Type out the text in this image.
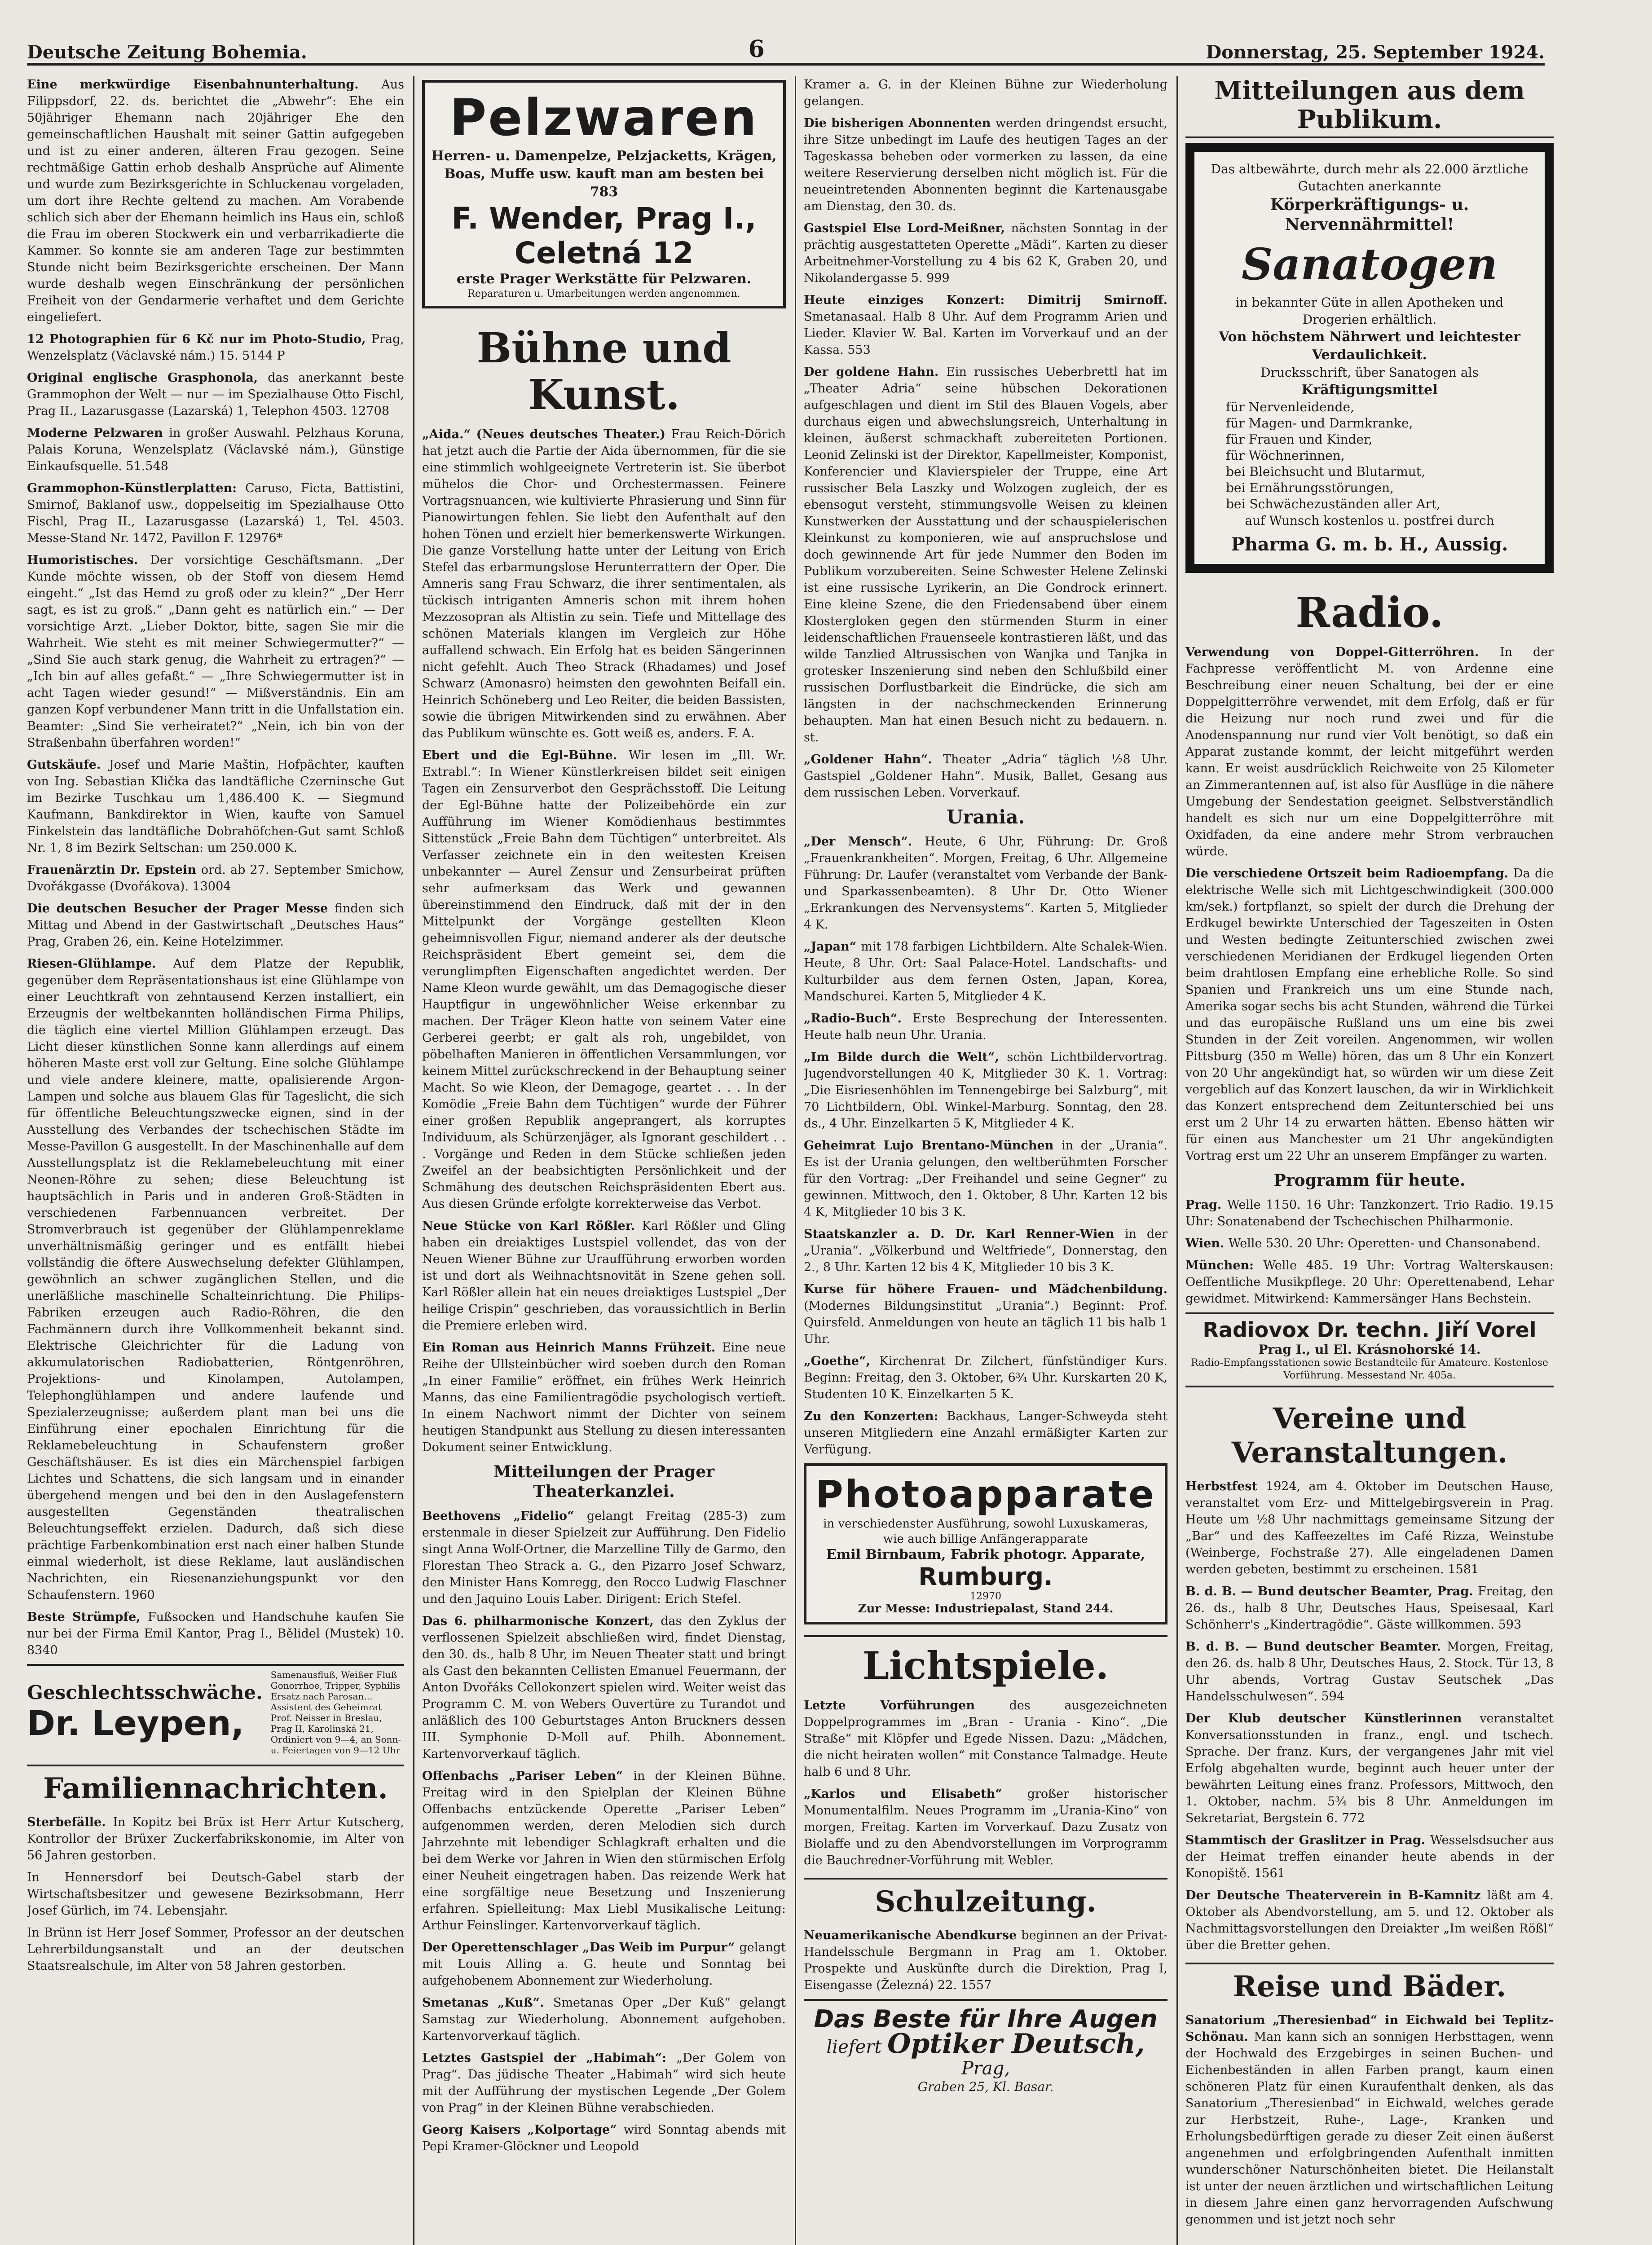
Deutsche Zeitung Bohemia.	6	Donnerstag, 25. September 1924.

Eine merkwürdige Eisenbahnunterhaltung. Aus Filippsdorf, 22. ds. berichtet die „Abwehr“: Ehe ein 50jähriger Ehemann nach 20jähriger Ehe den gemeinschaftlichen Haushalt mit seiner Gattin aufgegeben und ist zu einer anderen, älteren Frau gezogen. Seine rechtmäßige Gattin erhob deshalb Ansprüche auf Alimente und wurde zum Bezirksgerichte in Schluckenau vorgeladen, um dort ihre Rechte geltend zu machen. Am Vorabende schlich sich aber der Ehemann heimlich ins Haus ein, schloß die Frau im oberen Stockwerk ein und verbarrikadierte die Kammer. So konnte sie am anderen Tage zur bestimmten Stunde nicht beim Bezirksgerichte erscheinen. Der Mann wurde deshalb wegen Einschränkung der persönlichen Freiheit von der Gendarmerie verhaftet und dem Gerichte eingeliefert.

12 Photographien für 6 Kč nur im Photo-Studio, Prag, Wenzelsplatz (Václavské nám.) 15. 5144 P

Original englische Grasphonola, das anerkannt beste Grammophon der Welt — nur — im Spezialhause Otto Fischl, Prag II., Lazarusgasse (Lazarská) 1, Telephon 4503. 12708

Moderne Pelzwaren in großer Auswahl. Pelzhaus Koruna, Palais Koruna, Wenzelsplatz (Václavské nám.), Günstige Einkaufsquelle. 51.548

Grammophon-Künstlerplatten: Caruso, Ficta, Battistini, Smirnof, Baklanof usw., doppelseitig im Spezialhause Otto Fischl, Prag II., Lazarusgasse (Lazarská) 1, Tel. 4503. Messe-Stand Nr. 1472, Pavillon F. 12976*

Humoristisches. Der vorsichtige Geschäftsmann. „Der Kunde möchte wissen, ob der Stoff von diesem Hemd eingeht.“ „Ist das Hemd zu groß oder zu klein?“ „Der Herr sagt, es ist zu groß.“ „Dann geht es natürlich ein.“ — Der vorsichtige Arzt. „Lieber Doktor, bitte, sagen Sie mir die Wahrheit. Wie steht es mit meiner Schwiegermutter?“ — „Sind Sie auch stark genug, die Wahrheit zu ertragen?“ — „Ich bin auf alles gefaßt.“ — „Ihre Schwiegermutter ist in acht Tagen wieder gesund!“ — Mißverständnis. Ein am ganzen Kopf verbundener Mann tritt in die Unfallstation ein. Beamter: „Sind Sie verheiratet?“ „Nein, ich bin von der Straßenbahn überfahren worden!“

Gutskäufe. Josef und Marie Maštin, Hofpächter, kauften von Ing. Sebastian Klička das landtäfliche Czerninsche Gut im Bezirke Tuschkau um 1,486.400 K. — Siegmund Kaufmann, Bankdirektor in Wien, kaufte von Samuel Finkelstein das landtäfliche Dobrahöfchen-Gut samt Schloß Nr. 1, 8 im Bezirk Seltschan: um 250.000 K.

Frauenärztin Dr. Epstein ord. ab 27. September Smichow, Dvořákgasse (Dvořákova). 13004

Die deutschen Besucher der Prager Messe finden sich Mittag und Abend in der Gastwirtschaft „Deutsches Haus“ Prag, Graben 26, ein. Keine Hotelzimmer.

Riesen-Glühlampe. Auf dem Platze der Republik, gegenüber dem Repräsentationshaus ist eine Glühlampe von einer Leuchtkraft von zehntausend Kerzen installiert, ein Erzeugnis der weltbekannten holländischen Firma Philips, die täglich eine viertel Million Glühlampen erzeugt. Das Licht dieser künstlichen Sonne kann allerdings auf einem höheren Maste erst voll zur Geltung. Eine solche Glühlampe und viele andere kleinere, matte, opalisierende Argon-Lampen und solche aus blauem Glas für Tageslicht, die sich für öffentliche Beleuchtungszwecke eignen, sind in der Ausstellung des Verbandes der tschechischen Städte im Messe-Pavillon G ausgestellt. In der Maschinenhalle auf dem Ausstellungsplatz ist die Reklamebeleuchtung mit einer Neonen-Röhre zu sehen; diese Beleuchtung ist hauptsächlich in Paris und in anderen Groß-Städten in verschiedenen Farbennuancen verbreitet. Der Stromverbrauch ist gegenüber der Glühlampenreklame unverhältnismäßig geringer und es entfällt hiebei vollständig die öftere Auswechselung defekter Glühlampen, gewöhnlich an schwer zugänglichen Stellen, und die unerläßliche maschinelle Schalteinrichtung. Die Philips-Fabriken erzeugen auch Radio-Röhren, die den Fachmännern durch ihre Vollkommenheit bekannt sind. Elektrische Gleichrichter für die Ladung von akkumulatorischen Radiobatterien, Röntgenröhren, Projektions- und Kinolampen, Autolampen, Telephonglühlampen und andere laufende und Spezialerzeugnisse; außerdem plant man bei uns die Einführung einer epochalen Einrichtung für die Reklamebeleuchtung in Schaufenstern großer Geschäftshäuser. Es ist dies ein Märchenspiel farbigen Lichtes und Schattens, die sich langsam und in einander übergehend mengen und bei den in den Auslagefenstern ausgestellten Gegenständen theatralischen Beleuchtungseffekt erzielen. Dadurch, daß sich diese prächtige Farbenkombination erst nach einer halben Stunde einmal wiederholt, ist diese Reklame, laut ausländischen Nachrichten, ein Riesenanziehungspunkt vor den Schaufenstern. 1960

Beste Strümpfe, Fußsocken und Handschuhe kaufen Sie nur bei der Firma Emil Kantor, Prag I., Bělidel (Mustek) 10. 8340

Geschlechtsschwäche.
Dr. Leypen,
Samenausfluß, Weißer Fluß Gonorrhoe, Tripper, Syphilis Ersatz nach Parosan... Assistent des Geheimrat Prof. Neisser in Breslau, Prag II, Karolinská 21, Ordiniert von 9—4, an Sonn- u. Feiertagen von 9—12 Uhr
Familiennachrichten.

Sterbefälle. In Kopitz bei Brüx ist Herr Artur Kutscherg, Kontrollor der Brüxer Zuckerfabrikskonomie, im Alter von 56 Jahren gestorben.

In Hennersdorf bei Deutsch-Gabel starb der Wirtschaftsbesitzer und gewesene Bezirksobmann, Herr Josef Gürlich, im 74. Lebensjahr.

In Brünn ist Herr Josef Sommer, Professor an der deutschen Lehrerbildungsanstalt und an der deutschen Staatsrealschule, im Alter von 58 Jahren gestorben.

Pelzwaren
Herren- u. Damenpelze, Pelzjacketts, Krägen, Boas, Muffe usw. kauft man am besten bei 783
F. Wender, Prag I., Celetná 12
erste Prager Werkstätte für Pelzwaren.
Reparaturen u. Umarbeitungen werden angenommen.
Bühne und Kunst.

„Aida.“ (Neues deutsches Theater.) Frau Reich-Dörich hat jetzt auch die Partie der Aida übernommen, für die sie eine stimmlich wohlgeeignete Vertreterin ist. Sie überbot mühelos die Chor- und Orchestermassen. Feinere Vortragsnuancen, wie kultivierte Phrasierung und Sinn für Pianowirtungen fehlen. Sie liebt den Aufenthalt auf den hohen Tönen und erzielt hier bemerkenswerte Wirkungen. Die ganze Vorstellung hatte unter der Leitung von Erich Stefel das erbarmungslose Herunterrattern der Oper. Die Amneris sang Frau Schwarz, die ihrer sentimentalen, als tückisch intriganten Amneris schon mit ihrem hohen Mezzosopran als Altistin zu sein. Tiefe und Mittellage des schönen Materials klangen im Vergleich zur Höhe auffallend schwach. Ein Erfolg hat es beiden Sängerinnen nicht gefehlt. Auch Theo Strack (Rhadames) und Josef Schwarz (Amonasro) heimsten den gewohnten Beifall ein. Heinrich Schöneberg und Leo Reiter, die beiden Bassisten, sowie die übrigen Mitwirkenden sind zu erwähnen. Aber das Publikum wünschte es. Gott weiß es, anders. F. A.

Ebert und die Egl-Bühne. Wir lesen im „Ill. Wr. Extrabl.“: In Wiener Künstlerkreisen bildet seit einigen Tagen ein Zensurverbot den Gesprächsstoff. Die Leitung der Egl-Bühne hatte der Polizeibehörde ein zur Aufführung im Wiener Komödienhaus bestimmtes Sittenstück „Freie Bahn dem Tüchtigen“ unterbreitet. Als Verfasser zeichnete ein in den weitesten Kreisen unbekannter — Aurel Zensur und Zensurbeirat prüften sehr aufmerksam das Werk und gewannen übereinstimmend den Eindruck, daß mit der in den Mittelpunkt der Vorgänge gestellten Kleon geheimnisvollen Figur, niemand anderer als der deutsche Reichspräsident Ebert gemeint sei, dem die verunglimpften Eigenschaften angedichtet werden. Der Name Kleon wurde gewählt, um das Demagogische dieser Hauptfigur in ungewöhnlicher Weise erkennbar zu machen. Der Träger Kleon hatte von seinem Vater eine Gerberei geerbt; er galt als roh, ungebildet, von pöbelhaften Manieren in öffentlichen Versammlungen, vor keinem Mittel zurückschreckend in der Behauptung seiner Macht. So wie Kleon, der Demagoge, geartet . . . In der Komödie „Freie Bahn dem Tüchtigen“ wurde der Führer einer großen Republik angeprangert, als korruptes Individuum, als Schürzenjäger, als Ignorant geschildert . . . Vorgänge und Reden in dem Stücke schließen jeden Zweifel an der beabsichtigten Persönlichkeit und der Schmähung des deutschen Reichspräsidenten Ebert aus. Aus diesen Gründe erfolgte korrekterweise das Verbot.

Neue Stücke von Karl Rößler. Karl Rößler und Gling haben ein dreiaktiges Lustspiel vollendet, das von der Neuen Wiener Bühne zur Uraufführung erworben worden ist und dort als Weihnachtsnovität in Szene gehen soll. Karl Rößler allein hat ein neues dreiaktiges Lustspiel „Der heilige Crispin“ geschrieben, das voraussichtlich in Berlin die Premiere erleben wird.

Ein Roman aus Heinrich Manns Frühzeit. Eine neue Reihe der Ullsteinbücher wird soeben durch den Roman „In einer Familie“ eröffnet, ein frühes Werk Heinrich Manns, das eine Familientragödie psychologisch vertieft. In einem Nachwort nimmt der Dichter von seinem heutigen Standpunkt aus Stellung zu diesen interessanten Dokument seiner Entwicklung.

Mitteilungen der Prager Theaterkanzlei.

Beethovens „Fidelio“ gelangt Freitag (285-3) zum erstenmale in dieser Spielzeit zur Aufführung. Den Fidelio singt Anna Wolf-Ortner, die Marzelline Tilly de Garmo, den Florestan Theo Strack a. G., den Pizarro Josef Schwarz, den Minister Hans Komregg, den Rocco Ludwig Flaschner und den Jaquino Louis Laber. Dirigent: Erich Stefel.

Das 6. philharmonische Konzert, das den Zyklus der verflossenen Spielzeit abschließen wird, findet Dienstag, den 30. ds., halb 8 Uhr, im Neuen Theater statt und bringt als Gast den bekannten Cellisten Emanuel Feuermann, der Anton Dvořáks Cellokonzert spielen wird. Weiter weist das Programm C. M. von Webers Ouvertüre zu Turandot und anläßlich des 100 Geburtstages Anton Bruckners dessen III. Symphonie D-Moll auf. Philh. Abonnement. Kartenvorverkauf täglich.

Offenbachs „Pariser Leben“ in der Kleinen Bühne. Freitag wird in den Spielplan der Kleinen Bühne Offenbachs entzückende Operette „Pariser Leben“ aufgenommen werden, deren Melodien sich durch Jahrzehnte mit lebendiger Schlagkraft erhalten und die bei dem Werke vor Jahren in Wien den stürmischen Erfolg einer Neuheit eingetragen haben. Das reizende Werk hat eine sorgfältige neue Besetzung und Inszenierung erfahren. Spielleitung: Max Liebl Musikalische Leitung: Arthur Feinslinger. Kartenvorverkauf täglich.

Der Operettenschlager „Das Weib im Purpur“ gelangt mit Louis Alling a. G. heute und Sonntag bei aufgehobenem Abonnement zur Wiederholung.

Smetanas „Kuß“. Smetanas Oper „Der Kuß“ gelangt Samstag zur Wiederholung. Abonnement aufgehoben. Kartenvorverkauf täglich.

Letztes Gastspiel der „Habimah“: „Der Golem von Prag“. Das jüdische Theater „Habimah“ wird sich heute mit der Aufführung der mystischen Legende „Der Golem von Prag“ in der Kleinen Bühne verabschieden.

Georg Kaisers „Kolportage“ wird Sonntag abends mit Pepi Kramer-Glöckner und Leopold

Kramer a. G. in der Kleinen Bühne zur Wiederholung gelangen.

Die bisherigen Abonnenten werden dringendst ersucht, ihre Sitze unbedingt im Laufe des heutigen Tages an der Tageskassa beheben oder vormerken zu lassen, da eine weitere Reservierung derselben nicht möglich ist. Für die neueintretenden Abonnenten beginnt die Kartenausgabe am Dienstag, den 30. ds.

Gastspiel Else Lord-Meißner, nächsten Sonntag in der prächtig ausgestatteten Operette „Mädi“. Karten zu dieser Arbeitnehmer-Vorstellung zu 4 bis 62 K, Graben 20, und Nikolandergasse 5. 999

Heute einziges Konzert: Dimitrij Smirnoff. Smetanasaal. Halb 8 Uhr. Auf dem Programm Arien und Lieder. Klavier W. Bal. Karten im Vorverkauf und an der Kassa. 553

Der goldene Hahn. Ein russisches Ueberbrettl hat im „Theater Adria“ seine hübschen Dekorationen aufgeschlagen und dient im Stil des Blauen Vogels, aber durchaus eigen und abwechslungsreich, Unterhaltung in kleinen, äußerst schmackhaft zubereiteten Portionen. Leonid Zelinski ist der Direktor, Kapellmeister, Komponist, Konferencier und Klavierspieler der Truppe, eine Art russischer Bela Laszky und Wolzogen zugleich, der es ebensogut versteht, stimmungsvolle Weisen zu kleinen Kunstwerken der Ausstattung und der schauspielerischen Kleinkunst zu komponieren, wie auf anspruchslose und doch gewinnende Art für jede Nummer den Boden im Publikum vorzubereiten. Seine Schwester Helene Zelinski ist eine russische Lyrikerin, an Die Gondrock erinnert. Eine kleine Szene, die den Friedensabend über einem Klostergloken gegen den stürmenden Sturm in einer leidenschaftlichen Frauenseele kontrastieren läßt, und das wilde Tanzlied Altrussischen von Wanjka und Tanjka in grotesker Inszenierung sind neben den Schlußbild einer russischen Dorflustbarkeit die Eindrücke, die sich am längsten in der nachschmeckenden Erinnerung behaupten. Man hat einen Besuch nicht zu bedauern. n. st.

„Goldener Hahn“. Theater „Adria“ täglich ½8 Uhr. Gastspiel „Goldener Hahn“. Musik, Ballet, Gesang aus dem russischen Leben. Vorverkauf.

Urania.

„Der Mensch“. Heute, 6 Uhr, Führung: Dr. Groß „Frauenkrankheiten“. Morgen, Freitag, 6 Uhr. Allgemeine Führung: Dr. Laufer (veranstaltet vom Verbande der Bank- und Sparkassenbeamten). 8 Uhr Dr. Otto Wiener „Erkrankungen des Nervensystems“. Karten 5, Mitglieder 4 K.

„Japan“ mit 178 farbigen Lichtbildern. Alte Schalek-Wien. Heute, 8 Uhr. Ort: Saal Palace-Hotel. Landschafts- und Kulturbilder aus dem fernen Osten, Japan, Korea, Mandschurei. Karten 5, Mitglieder 4 K.

„Radio-Buch“. Erste Besprechung der Interessenten. Heute halb neun Uhr. Urania.

„Im Bilde durch die Welt“, schön Lichtbildervortrag. Jugendvorstellungen 40 K, Mitglieder 30 K. 1. Vortrag: „Die Eisriesenhöhlen im Tennengebirge bei Salzburg“, mit 70 Lichtbildern, Obl. Winkel-Marburg. Sonntag, den 28. ds., 4 Uhr. Einzelkarten 5 K, Mitglieder 4 K.

Geheimrat Lujo Brentano-München in der „Urania“. Es ist der Urania gelungen, den weltberühmten Forscher für den Vortrag: „Der Freihandel und seine Gegner“ zu gewinnen. Mittwoch, den 1. Oktober, 8 Uhr. Karten 12 bis 4 K, Mitglieder 10 bis 3 K.

Staatskanzler a. D. Dr. Karl Renner-Wien in der „Urania“. „Völkerbund und Weltfriede“, Donnerstag, den 2., 8 Uhr. Karten 12 bis 4 K, Mitglieder 10 bis 3 K.

Kurse für höhere Frauen- und Mädchenbildung. (Modernes Bildungsinstitut „Urania“.) Beginnt: Prof. Quirsfeld. Anmeldungen von heute an täglich 11 bis halb 1 Uhr.

„Goethe“, Kirchenrat Dr. Zilchert, fünfstündiger Kurs. Beginn: Freitag, den 3. Oktober, 6¾ Uhr. Kurskarten 20 K, Studenten 10 K. Einzelkarten 5 K.

Zu den Konzerten: Backhaus, Langer-Schweyda steht unseren Mitgliedern eine Anzahl ermäßigter Karten zur Verfügung.

Photoapparate
in verschiedenster Ausführung, sowohl Luxuskameras, wie auch billige Anfängerapparate
Emil Birnbaum, Fabrik photogr. Apparate,
Rumburg.
12970
Zur Messe: Industriepalast, Stand 244.
Lichtspiele.

Letzte Vorführungen des ausgezeichneten Doppelprogrammes im „Bran - Urania - Kino“. „Die Straße“ mit Klöpfer und Egede Nissen. Dazu: „Mädchen, die nicht heiraten wollen“ mit Constance Talmadge. Heute halb 6 und 8 Uhr.

„Karlos und Elisabeth“ großer historischer Monumentalfilm. Neues Programm im „Urania-Kino“ von morgen, Freitag. Karten im Vorverkauf. Dazu Zusatz von Biolaffe und zu den Abendvorstellungen im Vorprogramm die Bauchredner-Vorführung mit Webler.

Schulzeitung.

Neuamerikanische Abendkurse beginnen an der Privat-Handelsschule Bergmann in Prag am 1. Oktober. Prospekte und Auskünfte durch die Direktion, Prag I, Eisengasse (Železná) 22. 1557

Das Beste für Ihre Augen
liefert Optiker Deutsch, Prag,
Graben 25, Kl. Basar.
Mitteilungen aus dem Publikum.
Das altbewährte, durch mehr als 22.000 ärztliche Gutachten anerkannte
Körperkräftigungs- u. Nervennährmittel!
Sanatogen
in bekannter Güte in allen Apotheken und Drogerien erhältlich.
Von höchstem Nährwert und leichtester Verdaulichkeit.
Drucksschrift, über Sanatogen als
Kräftigungsmittel
für Nervenleidende,
für Magen- und Darmkranke,
für Frauen und Kinder,
für Wöchnerinnen,
bei Bleichsucht und Blutarmut,
bei Ernährungsstörungen,
bei Schwächezuständen aller Art,
auf Wunsch kostenlos u. postfrei durch
Pharma G. m. b. H., Aussig.
Radio.

Verwendung von Doppel-Gitterröhren. In der Fachpresse veröffentlicht M. von Ardenne eine Beschreibung einer neuen Schaltung, bei der er eine Doppelgitterröhre verwendet, mit dem Erfolg, daß er für die Heizung nur noch rund zwei und für die Anodenspannung nur rund vier Volt benötigt, so daß ein Apparat zustande kommt, der leicht mitgeführt werden kann. Er weist ausdrücklich Reichweite von 25 Kilometer an Zimmerantennen auf, ist also für Ausflüge in die nähere Umgebung der Sendestation geeignet. Selbstverständlich handelt es sich nur um eine Doppelgitterröhre mit Oxidfaden, da eine andere mehr Strom verbrauchen würde.

Die verschiedene Ortszeit beim Radioempfang. Da die elektrische Welle sich mit Lichtgeschwindigkeit (300.000 km/sek.) fortpflanzt, so spielt der durch die Drehung der Erdkugel bewirkte Unterschied der Tageszeiten in Osten und Westen bedingte Zeitunterschied zwischen zwei verschiedenen Meridianen der Erdkugel liegenden Orten beim drahtlosen Empfang eine erhebliche Rolle. So sind Spanien und Frankreich uns um eine Stunde nach, Amerika sogar sechs bis acht Stunden, während die Türkei und das europäische Rußland uns um eine bis zwei Stunden in der Zeit voreilen. Angenommen, wir wollen Pittsburg (350 m Welle) hören, das um 8 Uhr ein Konzert von 20 Uhr angekündigt hat, so würden wir um diese Zeit vergeblich auf das Konzert lauschen, da wir in Wirklichkeit das Konzert entsprechend dem Zeitunterschied bei uns erst um 2 Uhr 14 zu erwarten hätten. Ebenso hätten wir für einen aus Manchester um 21 Uhr angekündigten Vortrag erst um 22 Uhr an unserem Empfänger zu warten.

Programm für heute.

Prag. Welle 1150. 16 Uhr: Tanzkonzert. Trio Radio. 19.15 Uhr: Sonatenabend der Tschechischen Philharmonie.

Wien. Welle 530. 20 Uhr: Operetten- und Chansonabend.

München: Welle 485. 19 Uhr: Vortrag Walterskausen: Oeffentliche Musikpflege. 20 Uhr: Operettenabend, Lehar gewidmet. Mitwirkend: Kammersänger Hans Bechstein.

Radiovox Dr. techn. Jiří Vorel
Prag I., ul El. Krásnohorské 14.
Radio-Empfangsstationen sowie Bestandteile für Amateure. Kostenlose Vorführung. Messestand Nr. 405a.
Vereine und Veranstaltungen.

Herbstfest 1924, am 4. Oktober im Deutschen Hause, veranstaltet vom Erz- und Mittelgebirgsverein in Prag. Heute um ½8 Uhr nachmittags gemeinsame Sitzung der „Bar“ und des Kaffeezeltes im Café Rizza, Weinstube (Weinberge, Fochstraße 27). Alle eingeladenen Damen werden gebeten, bestimmt zu erscheinen. 1581

B. d. B. — Bund deutscher Beamter, Prag. Freitag, den 26. ds., halb 8 Uhr, Deutsches Haus, Speisesaal, Karl Schönherr's „Kindertragödie“. Gäste willkommen. 593

B. d. B. — Bund deutscher Beamter. Morgen, Freitag, den 26. ds. halb 8 Uhr, Deutsches Haus, 2. Stock. Tür 13, 8 Uhr abends, Vortrag Gustav Seutschek „Das Handelsschulwesen“. 594

Der Klub deutscher Künstlerinnen veranstaltet Konversationsstunden in franz., engl. und tschech. Sprache. Der franz. Kurs, der vergangenes Jahr mit viel Erfolg abgehalten wurde, beginnt auch heuer unter der bewährten Leitung eines franz. Professors, Mittwoch, den 1. Oktober, nachm. 5¾ bis 8 Uhr. Anmeldungen im Sekretariat, Bergstein 6. 772

Stammtisch der Graslitzer in Prag. Wesselsdsucher aus der Heimat treffen einander heute abends in der Konopiště. 1561

Der Deutsche Theaterverein in B-Kamnitz läßt am 4. Oktober als Abendvorstellung, am 5. und 12. Oktober als Nachmittagsvorstellungen den Dreiakter „Im weißen Rößl“ über die Bretter gehen.

Reise und Bäder.

Sanatorium „Theresienbad“ in Eichwald bei Teplitz-Schönau. Man kann sich an sonnigen Herbsttagen, wenn der Hochwald des Erzgebirges in seinen Buchen- und Eichenbeständen in allen Farben prangt, kaum einen schöneren Platz für einen Kuraufenthalt denken, als das Sanatorium „Theresienbad“ in Eichwald, welches gerade zur Herbstzeit, Ruhe-, Lage-, Kranken und Erholungsbedürftigen gerade zu dieser Zeit einen äußerst angenehmen und erfolgbringenden Aufenthalt inmitten wunderschöner Naturschönheiten bietet. Die Heilanstalt ist unter der neuen ärztlichen und wirtschaftlichen Leitung in diesem Jahre einen ganz hervorragenden Aufschwung genommen und ist jetzt noch sehr
